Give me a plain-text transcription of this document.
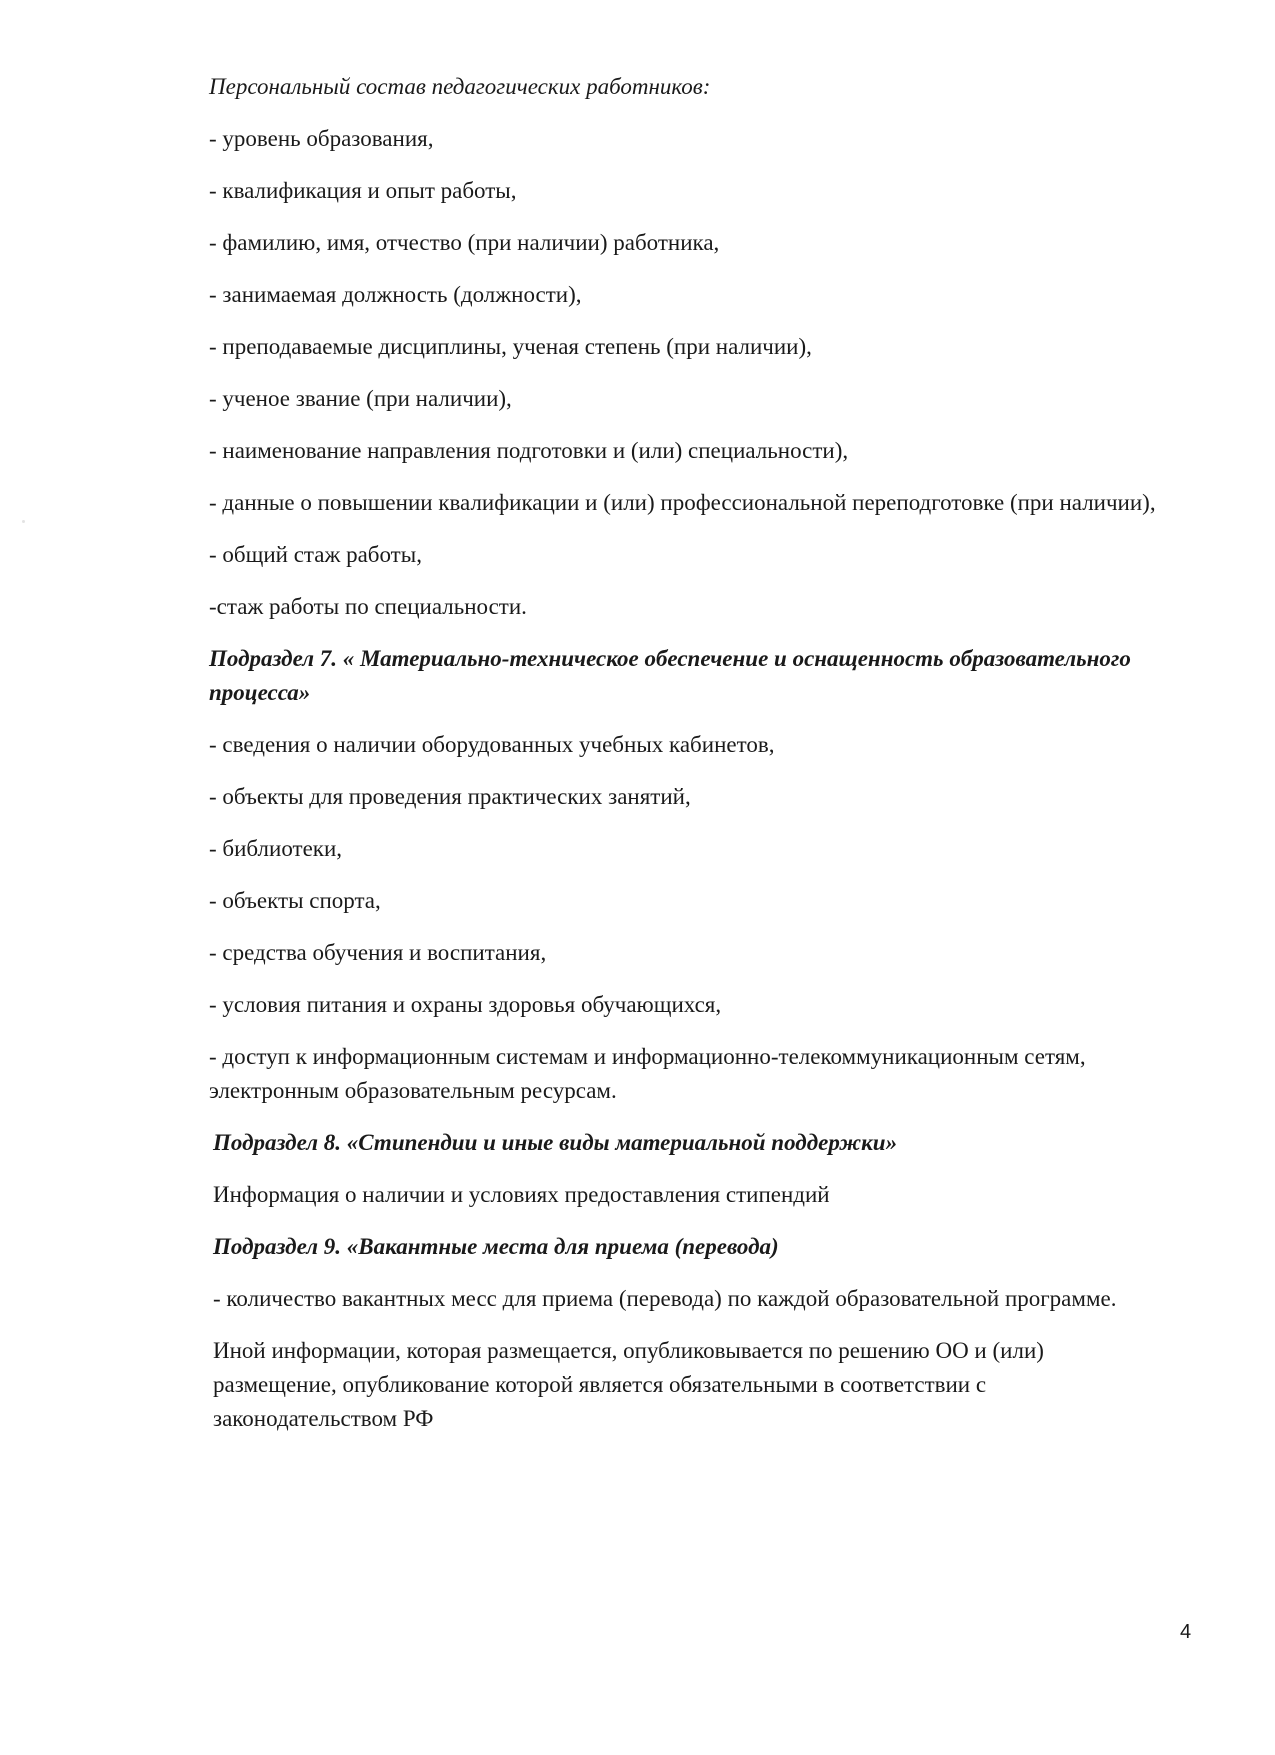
Персональный состав педагогических работников:

- уровень образования,

- квалификация и опыт работы,

- фамилию, имя, отчество (при наличии) работника,

- занимаемая должность (должности),

- преподаваемые дисциплины, ученая степень (при наличии),

- ученое звание (при наличии),

- наименование направления подготовки и (или) специальности),

- данные о повышении квалификации и (или) профессиональной переподготовке (при наличии),

- общий стаж работы,

-стаж работы по специальности.

Подраздел 7. « Материально-техническое обеспечение и оснащенность образовательного процесса»

- сведения о наличии оборудованных учебных кабинетов,

- объекты для проведения практических занятий,

- библиотеки,

- объекты спорта,

- средства обучения и воспитания,

- условия питания и охраны здоровья обучающихся,

- доступ к информационным системам и информационно-телекоммуникационным сетям, электронным образовательным ресурсам.

Подраздел 8. «Стипендии и иные виды материальной поддержки»

Информация о наличии и условиях предоставления стипендий

Подраздел 9. «Вакантные места для приема (перевода)

- количество вакантных месс для приема (перевода) по каждой образовательной программе.

Иной информации, которая размещается, опубликовывается по решению ОО и (или) размещение, опубликование которой является обязательными в соответствии с законодательством РФ

4
